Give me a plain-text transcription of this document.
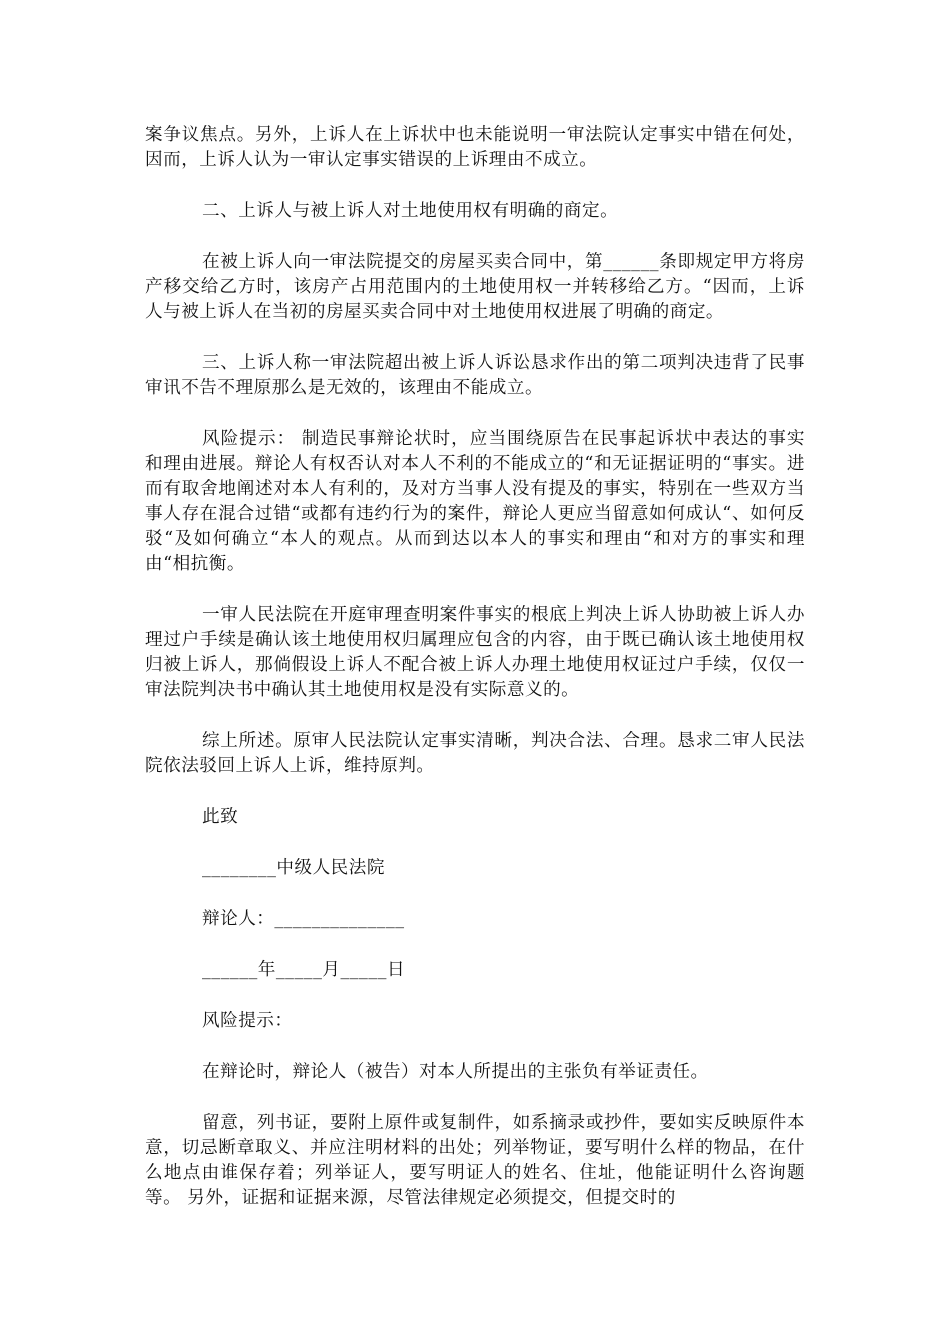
案争议焦点。另外，上诉人在上诉状中也未能说明一审法院认定事实中错在何处，因而，上诉人认为一审认定事实错误的上诉理由不成立。

二、上诉人与被上诉人对土地使用权有明确的商定。

在被上诉人向一审法院提交的房屋买卖合同中，第______条即规定甲方将房产移交给乙方时，该房产占用范围内的土地使用权一并转移给乙方。“因而，上诉人与被上诉人在当初的房屋买卖合同中对土地使用权进展了明确的商定。

三、上诉人称一审法院超出被上诉人诉讼恳求作出的第二项判决违背了民事审讯不告不理原那么是无效的，该理由不能成立。

风险提示： 制造民事辩论状时，应当围绕原告在民事起诉状中表达的事实和理由进展。辩论人有权否认对本人不利的不能成立的“和无证据证明的“事实。进而有取舍地阐述对本人有利的，及对方当事人没有提及的事实，特别在一些双方当事人存在混合过错“或都有违约行为的案件，辩论人更应当留意如何成认“、如何反驳“及如何确立“本人的观点。从而到达以本人的事实和理由“和对方的事实和理由“相抗衡。

一审人民法院在开庭审理查明案件事实的根底上判决上诉人协助被上诉人办理过户手续是确认该土地使用权归属理应包含的内容，由于既已确认该土地使用权归被上诉人，那倘假设上诉人不配合被上诉人办理土地使用权证过户手续，仅仅一审法院判决书中确认其土地使用权是没有实际意义的。

综上所述。原审人民法院认定事实清晰，判决合法、合理。恳求二审人民法院依法驳回上诉人上诉，维持原判。

此致

________中级人民法院

辩论人：______________

______年_____月_____日

风险提示：

在辩论时，辩论人（被告）对本人所提出的主张负有举证责任。

留意，列书证，要附上原件或复制件，如系摘录或抄件，要如实反映原件本意，切忌断章取义、并应注明材料的出处；列举物证，要写明什么样的物品，在什么地点由谁保存着；列举证人，要写明证人的姓名、住址，他能证明什么咨询题等。 另外，证据和证据来源，尽管法律规定必须提交，但提交时的
